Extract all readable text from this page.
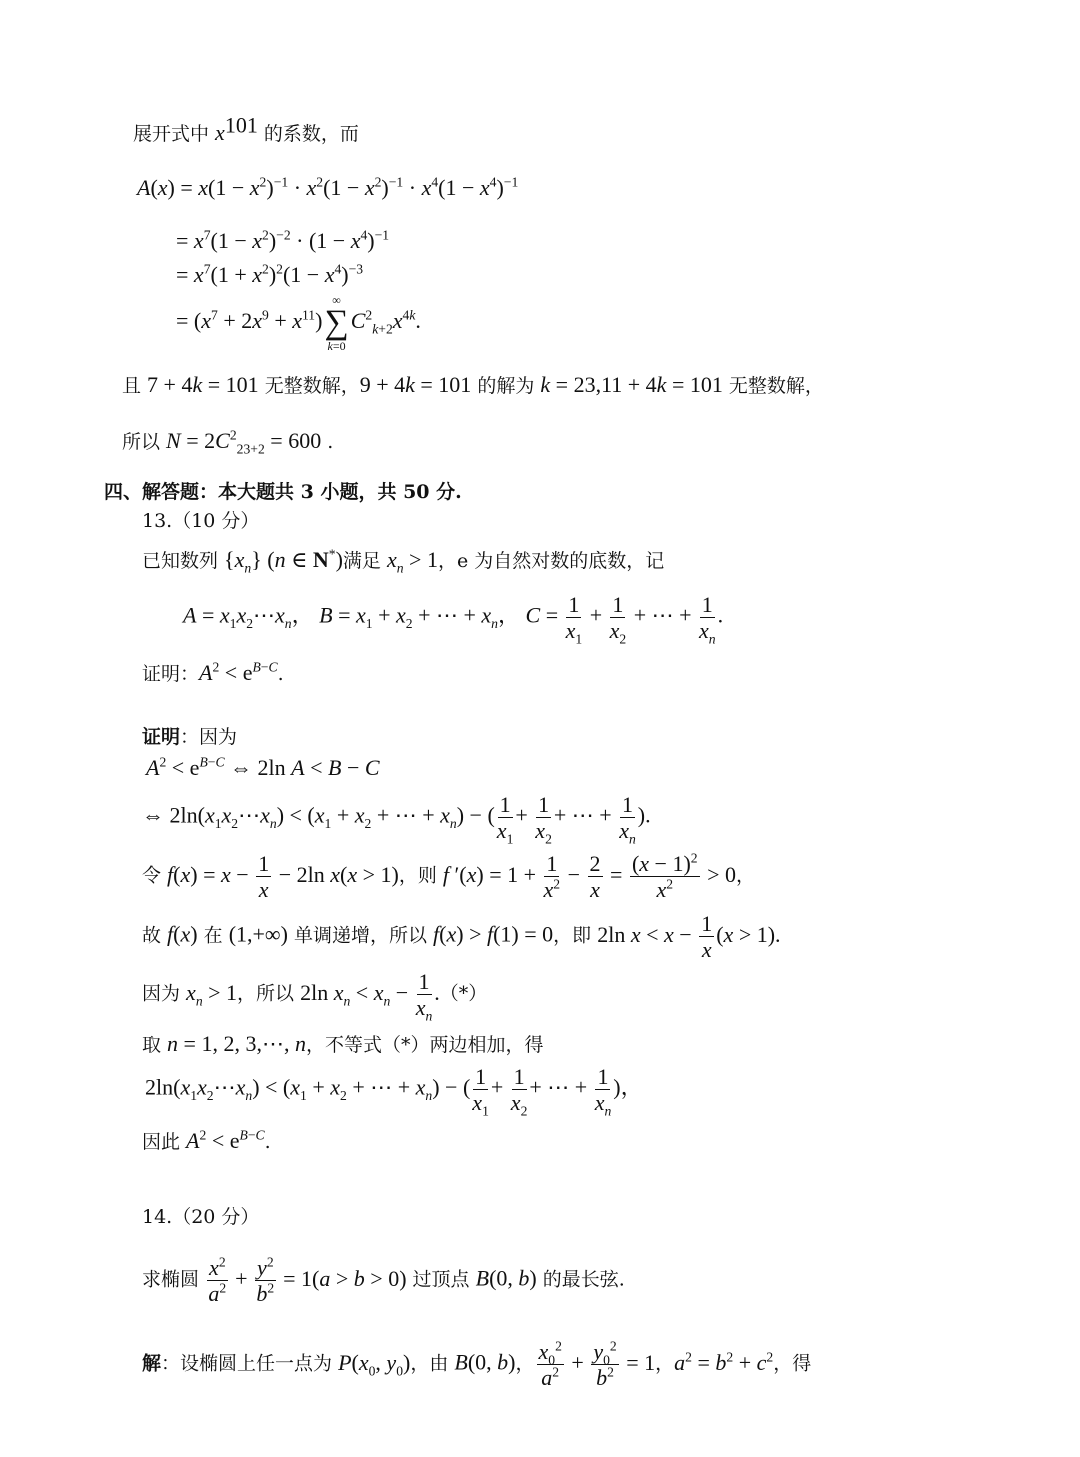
展开式中 $x^{101}$ 的系数，而
$A(x) = x(1 - x^2)^{-1} \cdot x^2(1 - x^2)^{-1} \cdot x^4(1 - x^4)^{-1}$
= $x^7(1 - x^2)^{-2} \cdot (1 - x^4)^{-1}$
= $x^7(1 + x^2)^2(1 - x^4)^{-3}$
= $(x^7 + 2x^9 + x^{11})$
∞
∑
k=0
$C^2_{k+2}x^{4k}$.
且 7 + 4k = 101 无整数解，9 + 4k = 101 的解为 k = 23,11 + 4k = 101 无整数解，
所以 $N = 2C^2_{23+2} = 600$ .
四、解答题：本大题共 3 小题，共 50 分.
13.（10 分）
已知数列 $\{x_n\}$ (n ∈ N*)满足 $x_n > 1$，e 为自然对数的底数，记
$A = x_1x_2\cdots x_n$， $B = x_1 + x_2$ + ⋯ + $x_n$， $C = \frac{1}{x_1} + \frac{1}{x_2}$ + ⋯ + $\frac{1}{x_n}$ .
证明：$A^2 < e^{B-C}$.
证明：因为
$A^2 < e^{B-C}$ ⇔ 2ln A < B − C
⇔ $2\ln(x_1x_2\cdots x_n) < (x_1 + x_2$ + ⋯ + $x_n$) − ( $\frac{1}{x_1} + \frac{1}{x_2}$ + ⋯ + $\frac{1}{x_n}$ ).
令 $f(x) = x - \frac{1}{x} - 2\ln$ x(x > 1)，则 f $'(x) = 1 + \frac{1}{x^2} - \frac{2}{x} = \frac{(x - 1)^2}{x^2} > 0$，
故 f(x) 在 (1,+∞) 单调递增，所以 f(x) > f(1) = 0，即 2ln $x < x - \frac{1}{x} (x > 1)$.
因为 $x_n > 1$，所以 2ln $x_n < x_n - \frac{1}{x_n}$ .（*）
取 n = 1, 2, 3,⋯, n，不等式（*）两边相加，得
$2\ln(x_1x_2\cdots x_n) < (x_1 + x_2$ + ⋯ + $x_n$) − ( $\frac{1}{x_1} + \frac{1}{x_2}$ + ⋯ + $\frac{1}{x_n}$ )，
因此 $A^2 < e^{B-C}$.
14.（20 分）
求椭圆 $\frac{x^2}{a^2} + \frac{y^2}{b^2} = 1(a > b > 0)$ 过顶点 B(0, b) 的最长弦.
解：设椭圆上任一点为 $P(x_0$, $y_0$)，由 B(0, b)， $\frac{x_0^2}{a^2} + \frac{y_0^2}{b^2} = 1$，$a^2 = b^2 + c^2$，得
